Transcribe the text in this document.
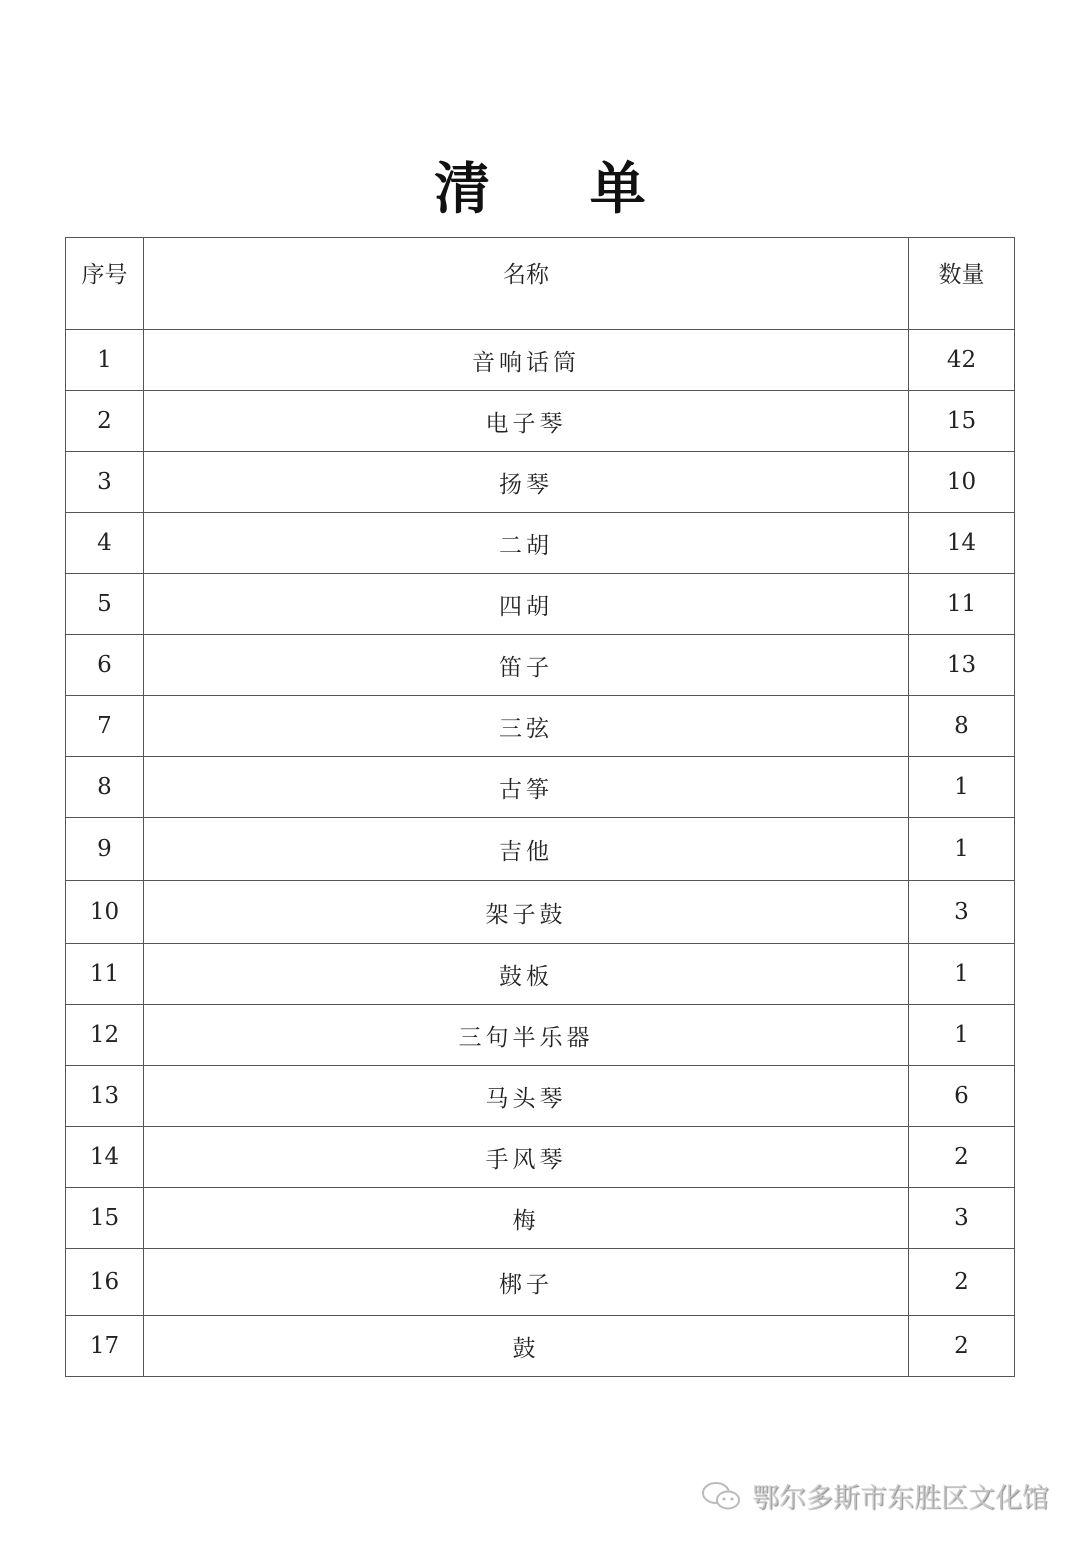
清 单
序号	名称	数量
1	音响话筒	42
2	电子琴	15
3	扬琴	10
4	二胡	14
5	四胡	11
6	笛子	13
7	三弦	8
8	古筝	1
9	吉他	1
10	架子鼓	3
11	鼓板	1
12	三句半乐器	1
13	马头琴	6
14	手风琴	2
15	梅	3
16	梆子	2
17	鼓	2
鄂尔多斯市东胜区文化馆
